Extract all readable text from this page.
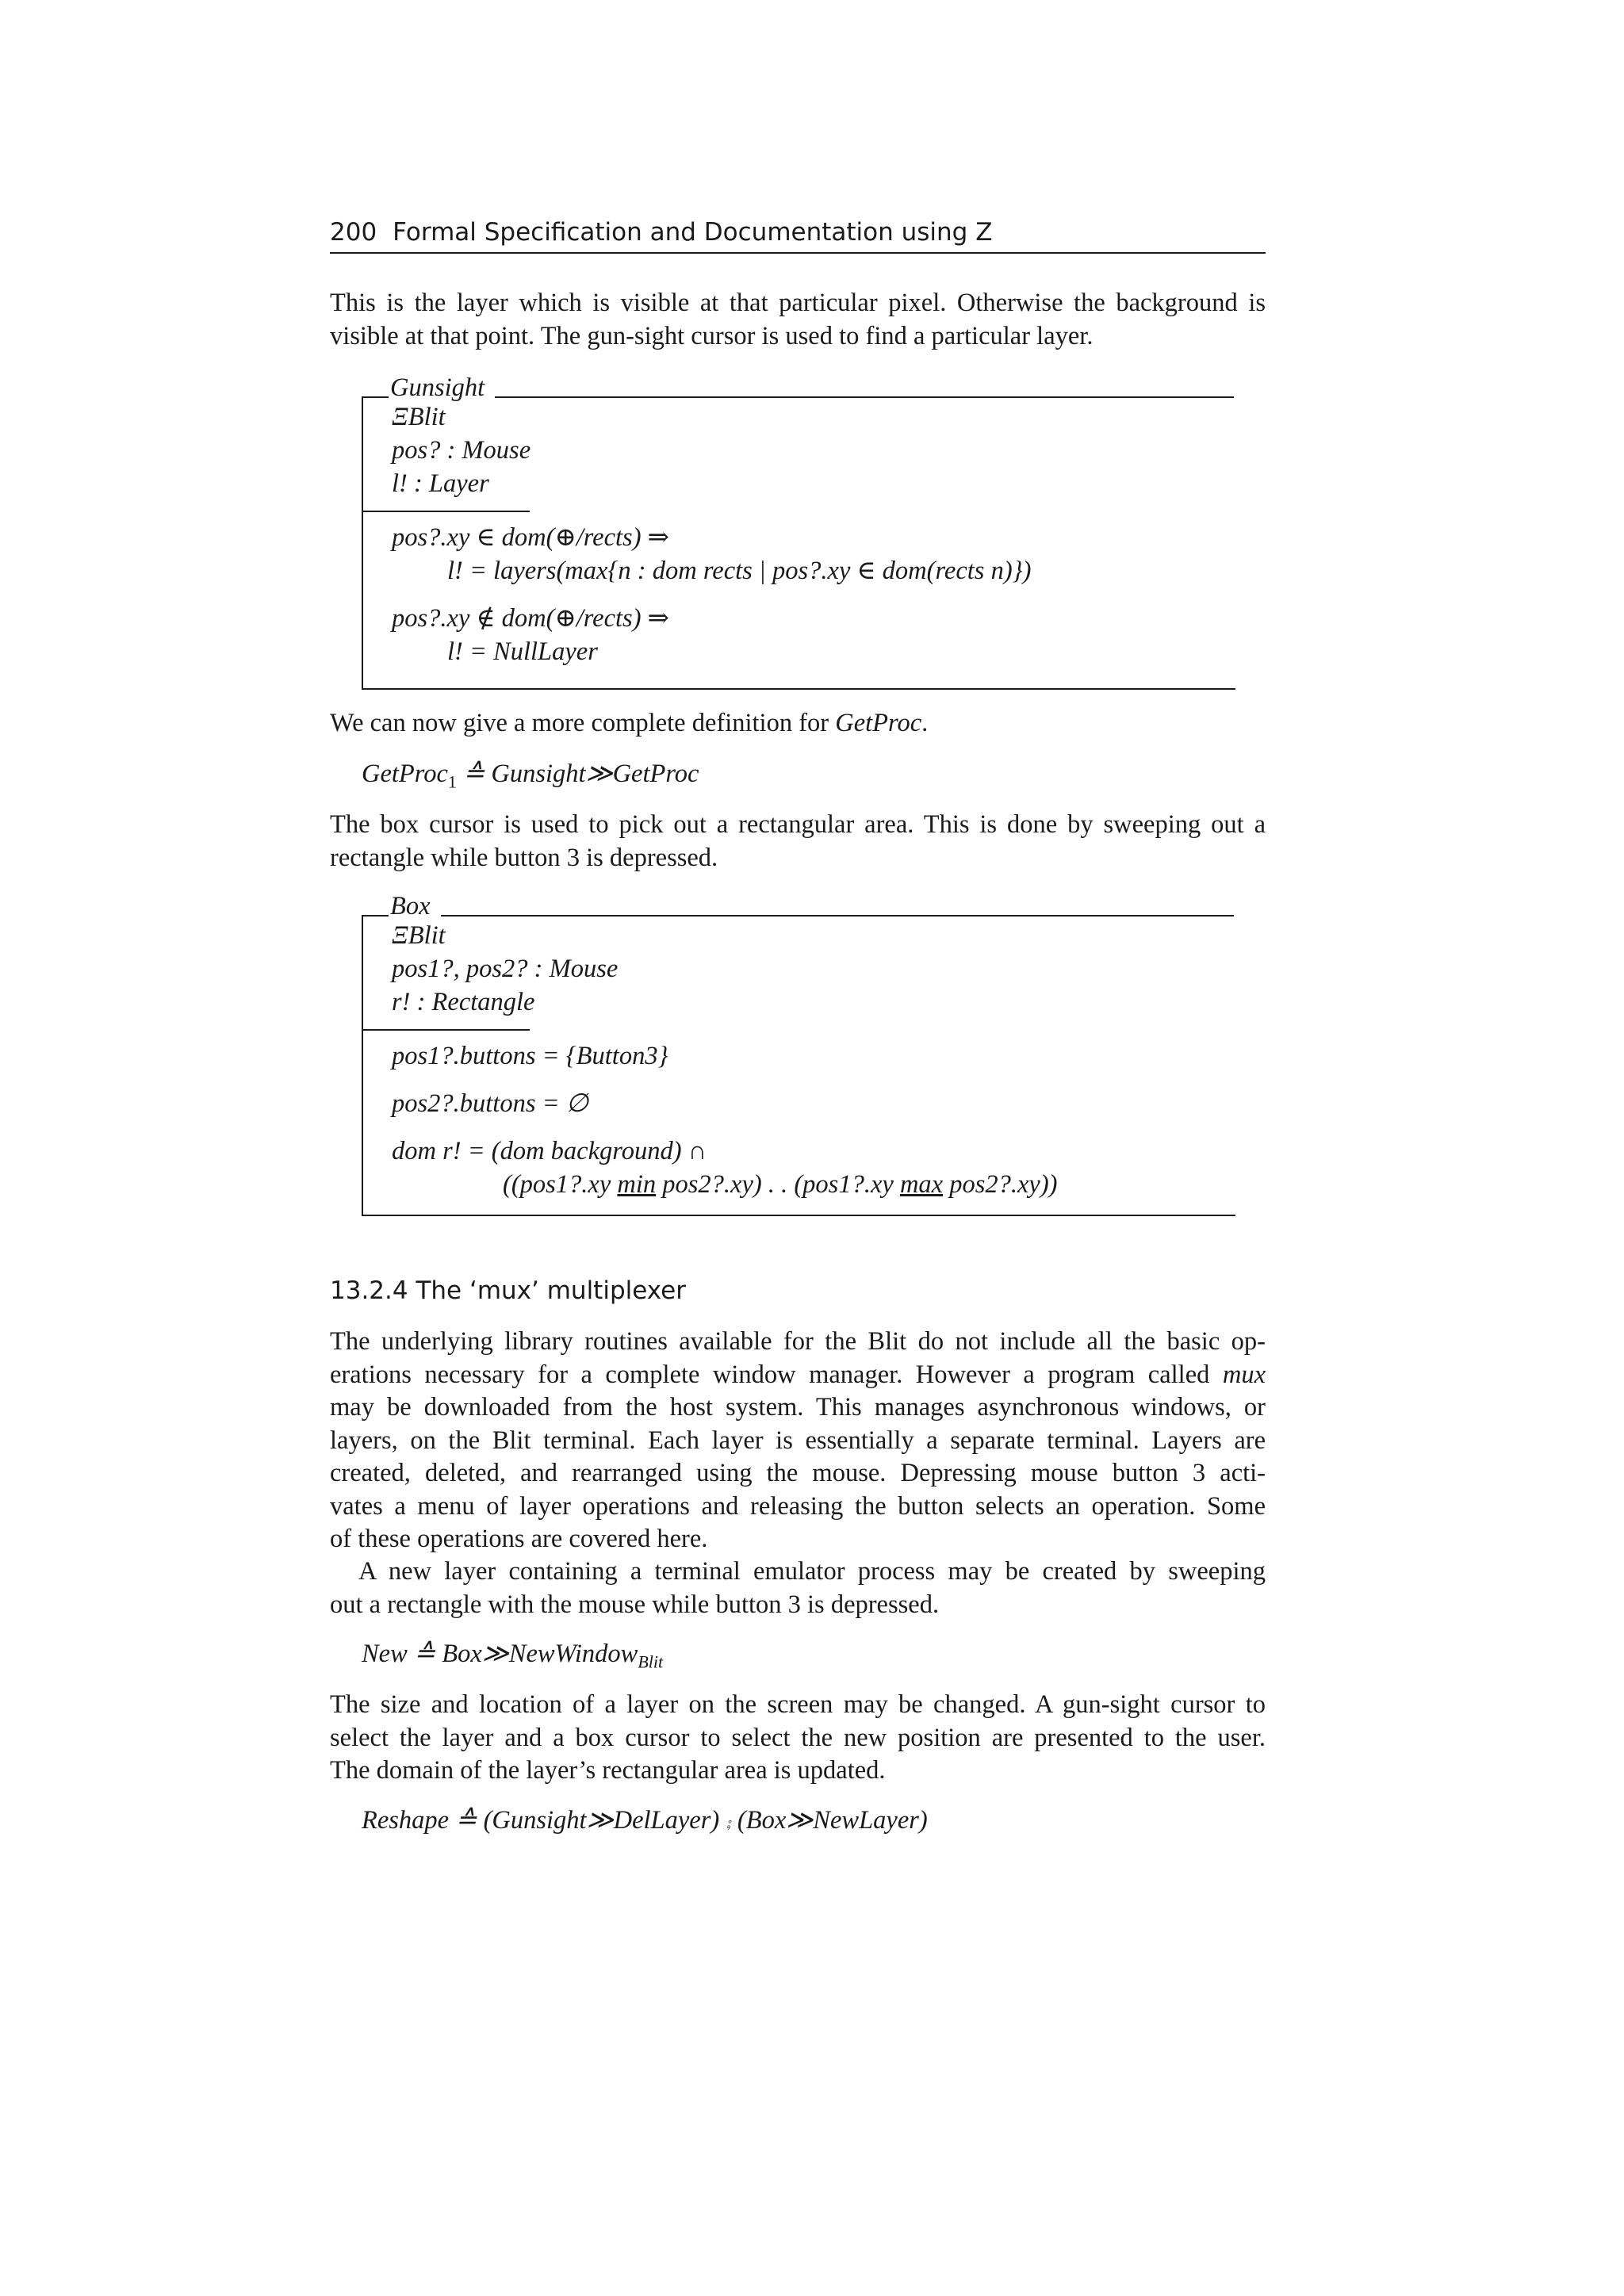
200 Formal Specification and Documentation using Z
This is the layer which is visible at that particular pixel. Otherwise the background is
visible at that point. The gun-sight cursor is used to find a particular layer.
Gunsight
ΞBlit
pos? : Mouse
l! : Layer
pos?.xy ∈ dom(⊕/rects) ⇒
l! = layers(max{n : dom rects | pos?.xy ∈ dom(rects n)})
pos?.xy ∉ dom(⊕/rects) ⇒
l! = NullLayer
We can now give a more complete definition for GetProc.
GetProc$_1$ ≙ Gunsight≫GetProc
The box cursor is used to pick out a rectangular area. This is done by sweeping out a
rectangle while button 3 is depressed.
Box
ΞBlit
pos1?, pos2? : Mouse
r! : Rectangle
pos1?.buttons = {Button3}
pos2?.buttons = ∅
dom r! = (dom background) ∩
((pos1?.xy min pos2?.xy) . . (pos1?.xy max pos2?.xy))
13.2.4 The ‘mux’ multiplexer
The underlying library routines available for the Blit do not include all the basic op-
erations necessary for a complete window manager. However a program called mux
may be downloaded from the host system. This manages asynchronous windows, or
layers, on the Blit terminal. Each layer is essentially a separate terminal. Layers are
created, deleted, and rearranged using the mouse. Depressing mouse button 3 acti-
vates a menu of layer operations and releasing the button selects an operation. Some
of these operations are covered here.
A new layer containing a terminal emulator process may be created by sweeping
out a rectangle with the mouse while button 3 is depressed.
New ≙ Box≫NewWindow$_{Blit}$
The size and location of a layer on the screen may be changed. A gun-sight cursor to
select the layer and a box cursor to select the new position are presented to the user.
The domain of the layer’s rectangular area is updated.
Reshape ≙ (Gunsight≫DelLayer) ⨾ (Box≫NewLayer)
